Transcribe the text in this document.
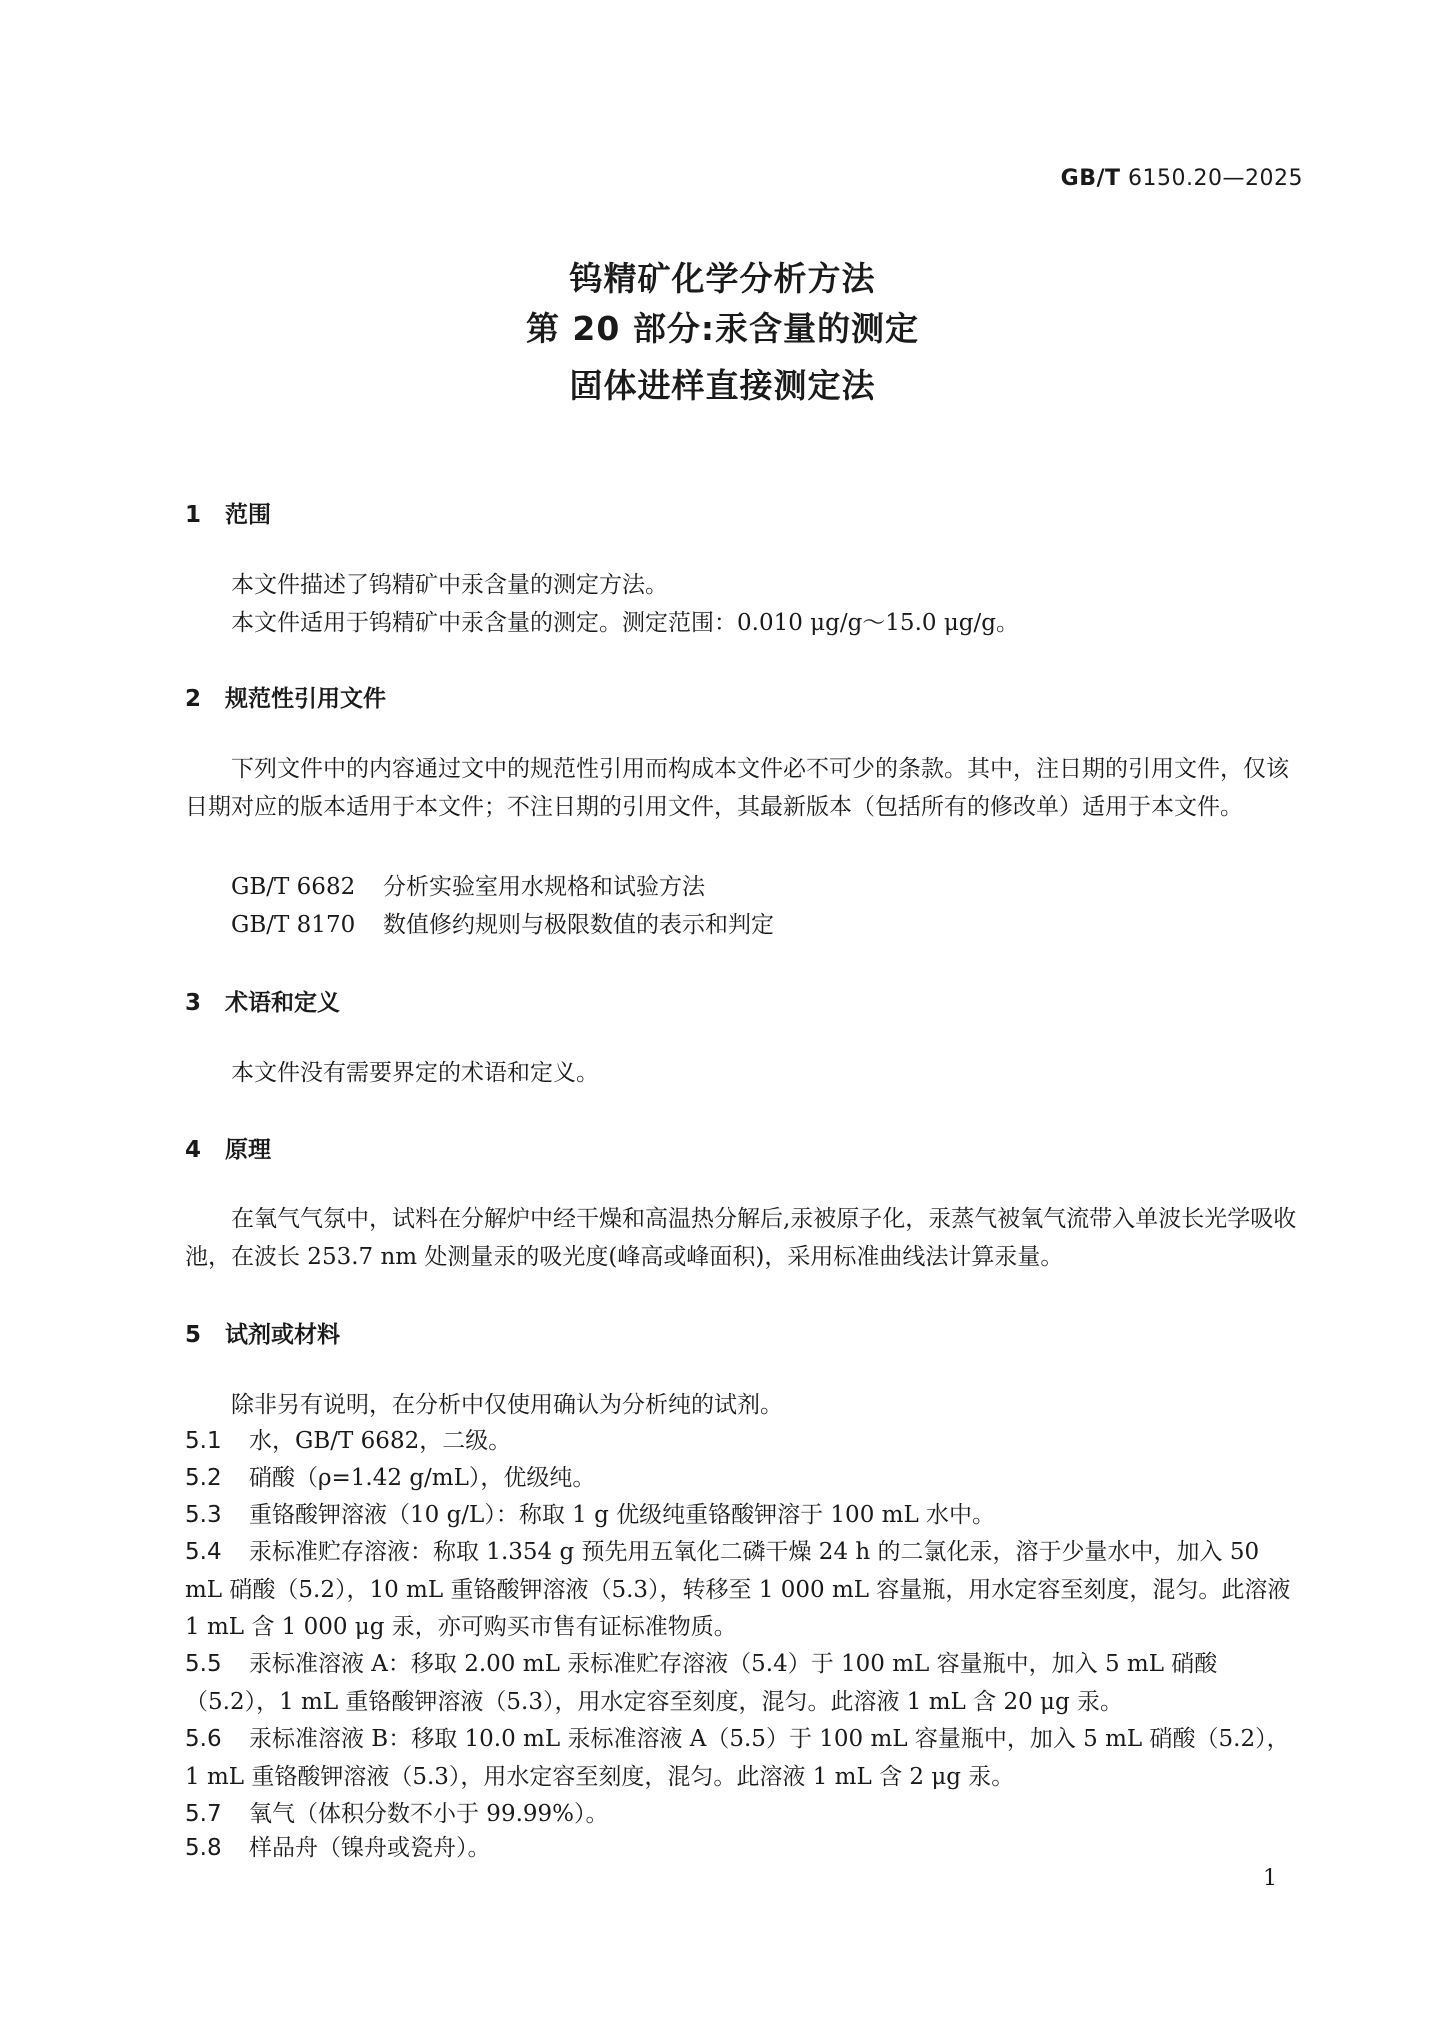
GB/T 6150.20—2025
钨精矿化学分析方法
第 20 部分:汞含量的测定
固体进样直接测定法
1 范围
本文件描述了钨精矿中汞含量的测定方法。
本文件适用于钨精矿中汞含量的测定。测定范围：0.010 μg/g～15.0 μg/g。
2 规范性引用文件
下列文件中的内容通过文中的规范性引用而构成本文件必不可少的条款。其中，注日期的引用文件，仅该日期对应的版本适用于本文件；不注日期的引用文件，其最新版本（包括所有的修改单）适用于本文件。
GB/T 6682 分析实验室用水规格和试验方法
GB/T 8170 数值修约规则与极限数值的表示和判定
3 术语和定义
本文件没有需要界定的术语和定义。
4 原理
在氧气气氛中，试料在分解炉中经干燥和高温热分解后,汞被原子化，汞蒸气被氧气流带入单波长光学吸收池，在波长 253.7 nm 处测量汞的吸光度(峰高或峰面积)，采用标准曲线法计算汞量。
5 试剂或材料
除非另有说明，在分析中仅使用确认为分析纯的试剂。
5.1 水，GB/T 6682，二级。
5.2 硝酸（ρ=1.42 g/mL），优级纯。
5.3 重铬酸钾溶液（10 g/L）：称取 1 g 优级纯重铬酸钾溶于 100 mL 水中。
5.4 汞标准贮存溶液：称取 1.354 g 预先用五氧化二磷干燥 24 h 的二氯化汞，溶于少量水中，加入 50 mL 硝酸（5.2），10 mL 重铬酸钾溶液（5.3），转移至 1 000 mL 容量瓶，用水定容至刻度，混匀。此溶液 1 mL 含 1 000 μg 汞，亦可购买市售有证标准物质。
5.5 汞标准溶液 A：移取 2.00 mL 汞标准贮存溶液（5.4）于 100 mL 容量瓶中，加入 5 mL 硝酸（5.2），1 mL 重铬酸钾溶液（5.3），用水定容至刻度，混匀。此溶液 1 mL 含 20 μg 汞。
5.6 汞标准溶液 B：移取 10.0 mL 汞标准溶液 A（5.5）于 100 mL 容量瓶中，加入 5 mL 硝酸（5.2），1 mL 重铬酸钾溶液（5.3），用水定容至刻度，混匀。此溶液 1 mL 含 2 μg 汞。
5.7 氧气（体积分数不小于 99.99%）。
5.8 样品舟（镍舟或瓷舟）。
1
